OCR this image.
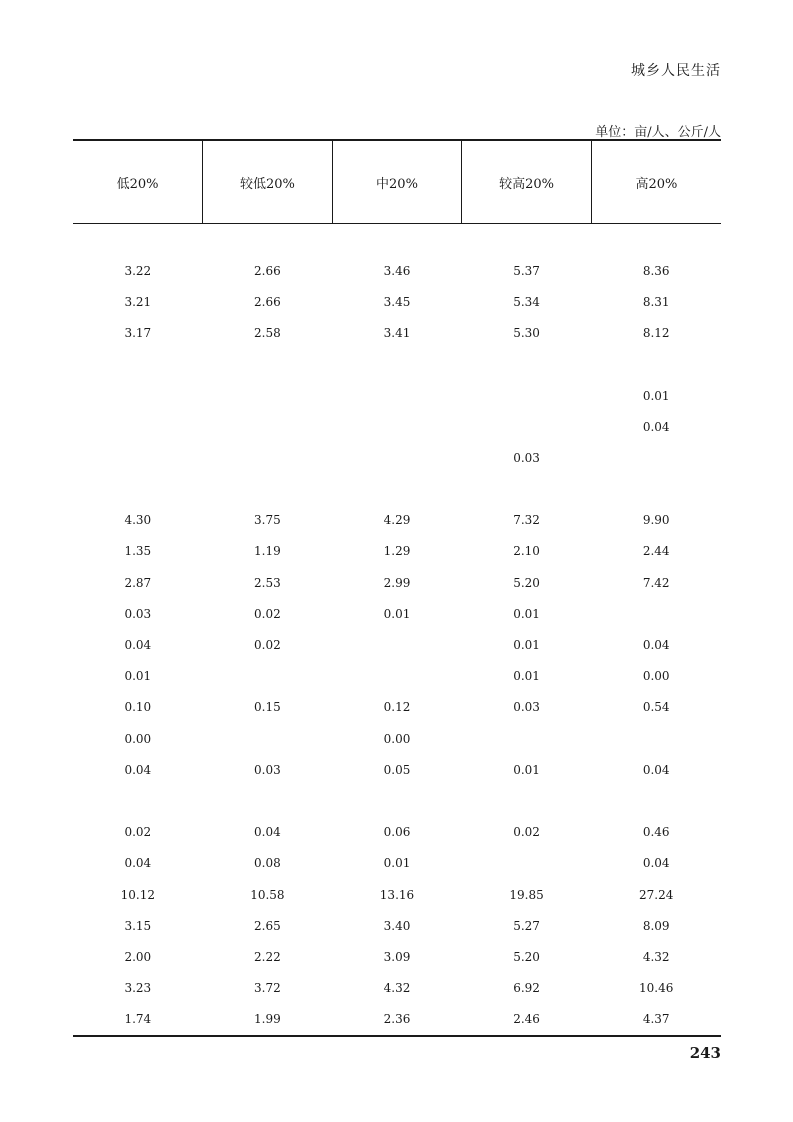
城乡人民生活
单位：亩/人、公斤/人
低20%	较低20%	中20%	较高20%	高20%

3.22	2.66	3.46	5.37	8.36
3.21	2.66	3.45	5.34	8.31
3.17	2.58	3.41	5.30	8.12

				0.01
				0.04
			0.03	

4.30	3.75	4.29	7.32	9.90
1.35	1.19	1.29	2.10	2.44
2.87	2.53	2.99	5.20	7.42
0.03	0.02	0.01	0.01	
0.04	0.02		0.01	0.04
0.01			0.01	0.00
0.10	0.15	0.12	0.03	0.54
0.00		0.00		
0.04	0.03	0.05	0.01	0.04

0.02	0.04	0.06	0.02	0.46
0.04	0.08	0.01		0.04
10.12	10.58	13.16	19.85	27.24
3.15	2.65	3.40	5.27	8.09
2.00	2.22	3.09	5.20	4.32
3.23	3.72	4.32	6.92	10.46
1.74	1.99	2.36	2.46	4.37
243
